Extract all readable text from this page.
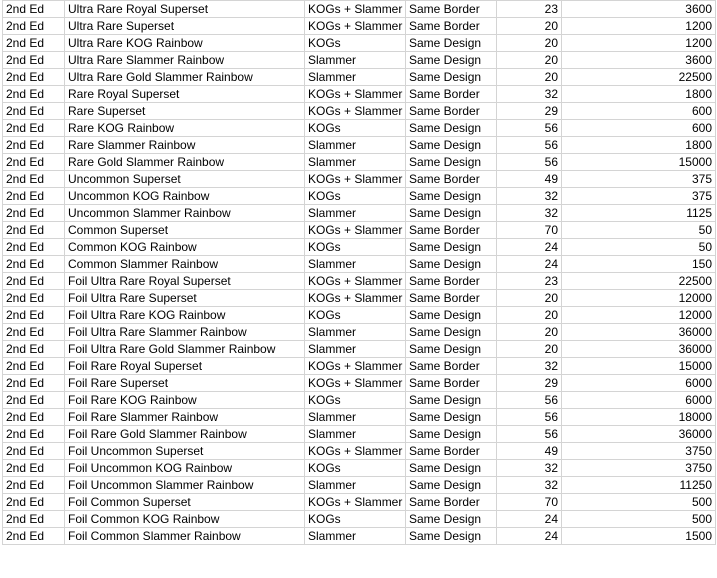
2nd Ed	Ultra Rare Royal Superset	KOGs + Slammer	Same Border	23	3600
2nd Ed	Ultra Rare Superset	KOGs + Slammer	Same Border	20	1200
2nd Ed	Ultra Rare KOG Rainbow	KOGs	Same Design	20	1200
2nd Ed	Ultra Rare Slammer Rainbow	Slammer	Same Design	20	3600
2nd Ed	Ultra Rare Gold Slammer Rainbow	Slammer	Same Design	20	22500
2nd Ed	Rare Royal Superset	KOGs + Slammer	Same Border	32	1800
2nd Ed	Rare Superset	KOGs + Slammer	Same Border	29	600
2nd Ed	Rare KOG Rainbow	KOGs	Same Design	56	600
2nd Ed	Rare Slammer Rainbow	Slammer	Same Design	56	1800
2nd Ed	Rare Gold Slammer Rainbow	Slammer	Same Design	56	15000
2nd Ed	Uncommon Superset	KOGs + Slammer	Same Border	49	375
2nd Ed	Uncommon KOG Rainbow	KOGs	Same Design	32	375
2nd Ed	Uncommon Slammer Rainbow	Slammer	Same Design	32	1125
2nd Ed	Common Superset	KOGs + Slammer	Same Border	70	50
2nd Ed	Common KOG Rainbow	KOGs	Same Design	24	50
2nd Ed	Common Slammer Rainbow	Slammer	Same Design	24	150
2nd Ed	Foil Ultra Rare Royal Superset	KOGs + Slammer	Same Border	23	22500
2nd Ed	Foil Ultra Rare Superset	KOGs + Slammer	Same Border	20	12000
2nd Ed	Foil Ultra Rare KOG Rainbow	KOGs	Same Design	20	12000
2nd Ed	Foil Ultra Rare Slammer Rainbow	Slammer	Same Design	20	36000
2nd Ed	Foil Ultra Rare Gold Slammer Rainbow	Slammer	Same Design	20	36000
2nd Ed	Foil Rare Royal Superset	KOGs + Slammer	Same Border	32	15000
2nd Ed	Foil Rare Superset	KOGs + Slammer	Same Border	29	6000
2nd Ed	Foil Rare KOG Rainbow	KOGs	Same Design	56	6000
2nd Ed	Foil Rare Slammer Rainbow	Slammer	Same Design	56	18000
2nd Ed	Foil Rare Gold Slammer Rainbow	Slammer	Same Design	56	36000
2nd Ed	Foil Uncommon Superset	KOGs + Slammer	Same Border	49	3750
2nd Ed	Foil Uncommon KOG Rainbow	KOGs	Same Design	32	3750
2nd Ed	Foil Uncommon Slammer Rainbow	Slammer	Same Design	32	11250
2nd Ed	Foil Common Superset	KOGs + Slammer	Same Border	70	500
2nd Ed	Foil Common KOG Rainbow	KOGs	Same Design	24	500
2nd Ed	Foil Common Slammer Rainbow	Slammer	Same Design	24	1500
